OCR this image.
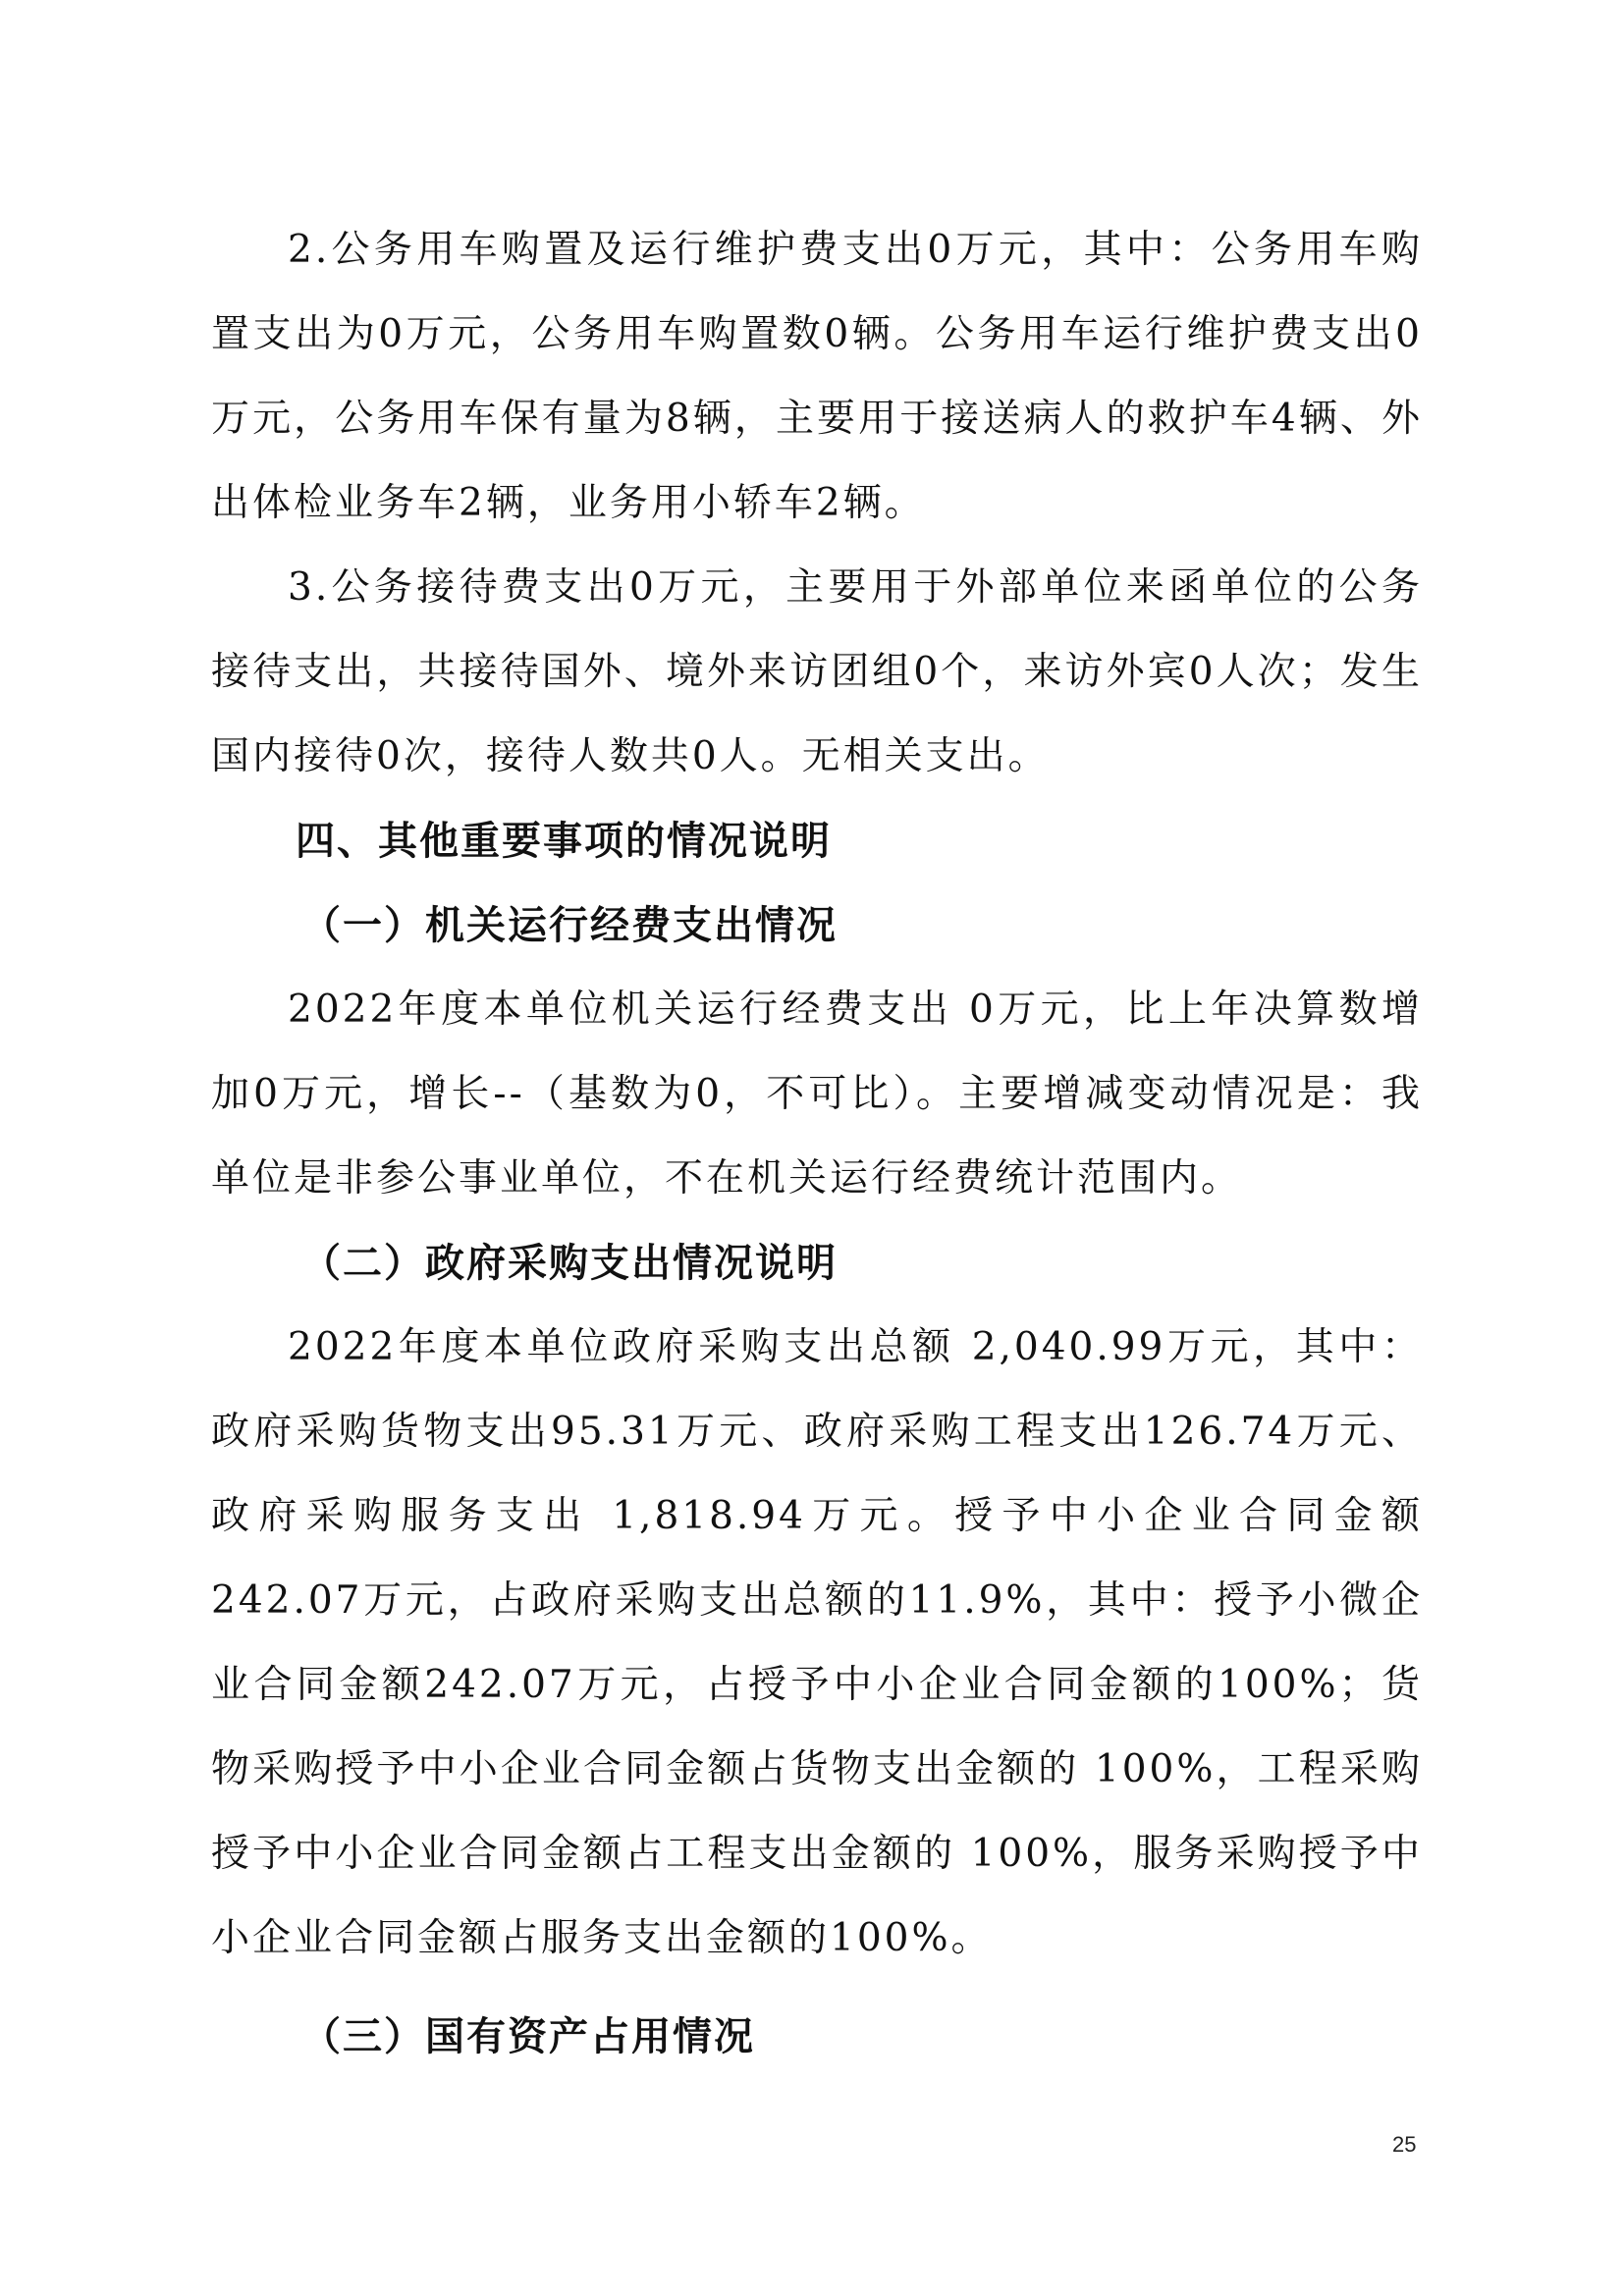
2.公务用车购置及运行维护费支出0万元，其中：公务用车购置支出为0万元，公务用车购置数0辆。公务用车运行维护费支出0万元，公务用车保有量为8辆，主要用于接送病人的救护车4辆、外出体检业务车2辆，业务用小轿车2辆。

3.公务接待费支出0万元，主要用于外部单位来函单位的公务接待支出，共接待国外、境外来访团组0个，来访外宾0人次；发生国内接待0次，接待人数共0人。无相关支出。

四、其他重要事项的情况说明

（一）机关运行经费支出情况

2022年度本单位机关运行经费支出 0万元，比上年决算数增加0万元，增长--（基数为0，不可比）。主要增减变动情况是：我单位是非参公事业单位，不在机关运行经费统计范围内。

（二）政府采购支出情况说明

2022年度本单位政府采购支出总额 2,040.99万元，其中：政府采购货物支出95.31万元、政府采购工程支出126.74万元、政府采购服务支出 1,818.94万元。授予中小企业合同金额242.07万元，占政府采购支出总额的11.9%，其中：授予小微企业合同金额242.07万元，占授予中小企业合同金额的100%；货物采购授予中小企业合同金额占货物支出金额的 100%，工程采购授予中小企业合同金额占工程支出金额的 100%，服务采购授予中小企业合同金额占服务支出金额的100%。

（三）国有资产占用情况

25
